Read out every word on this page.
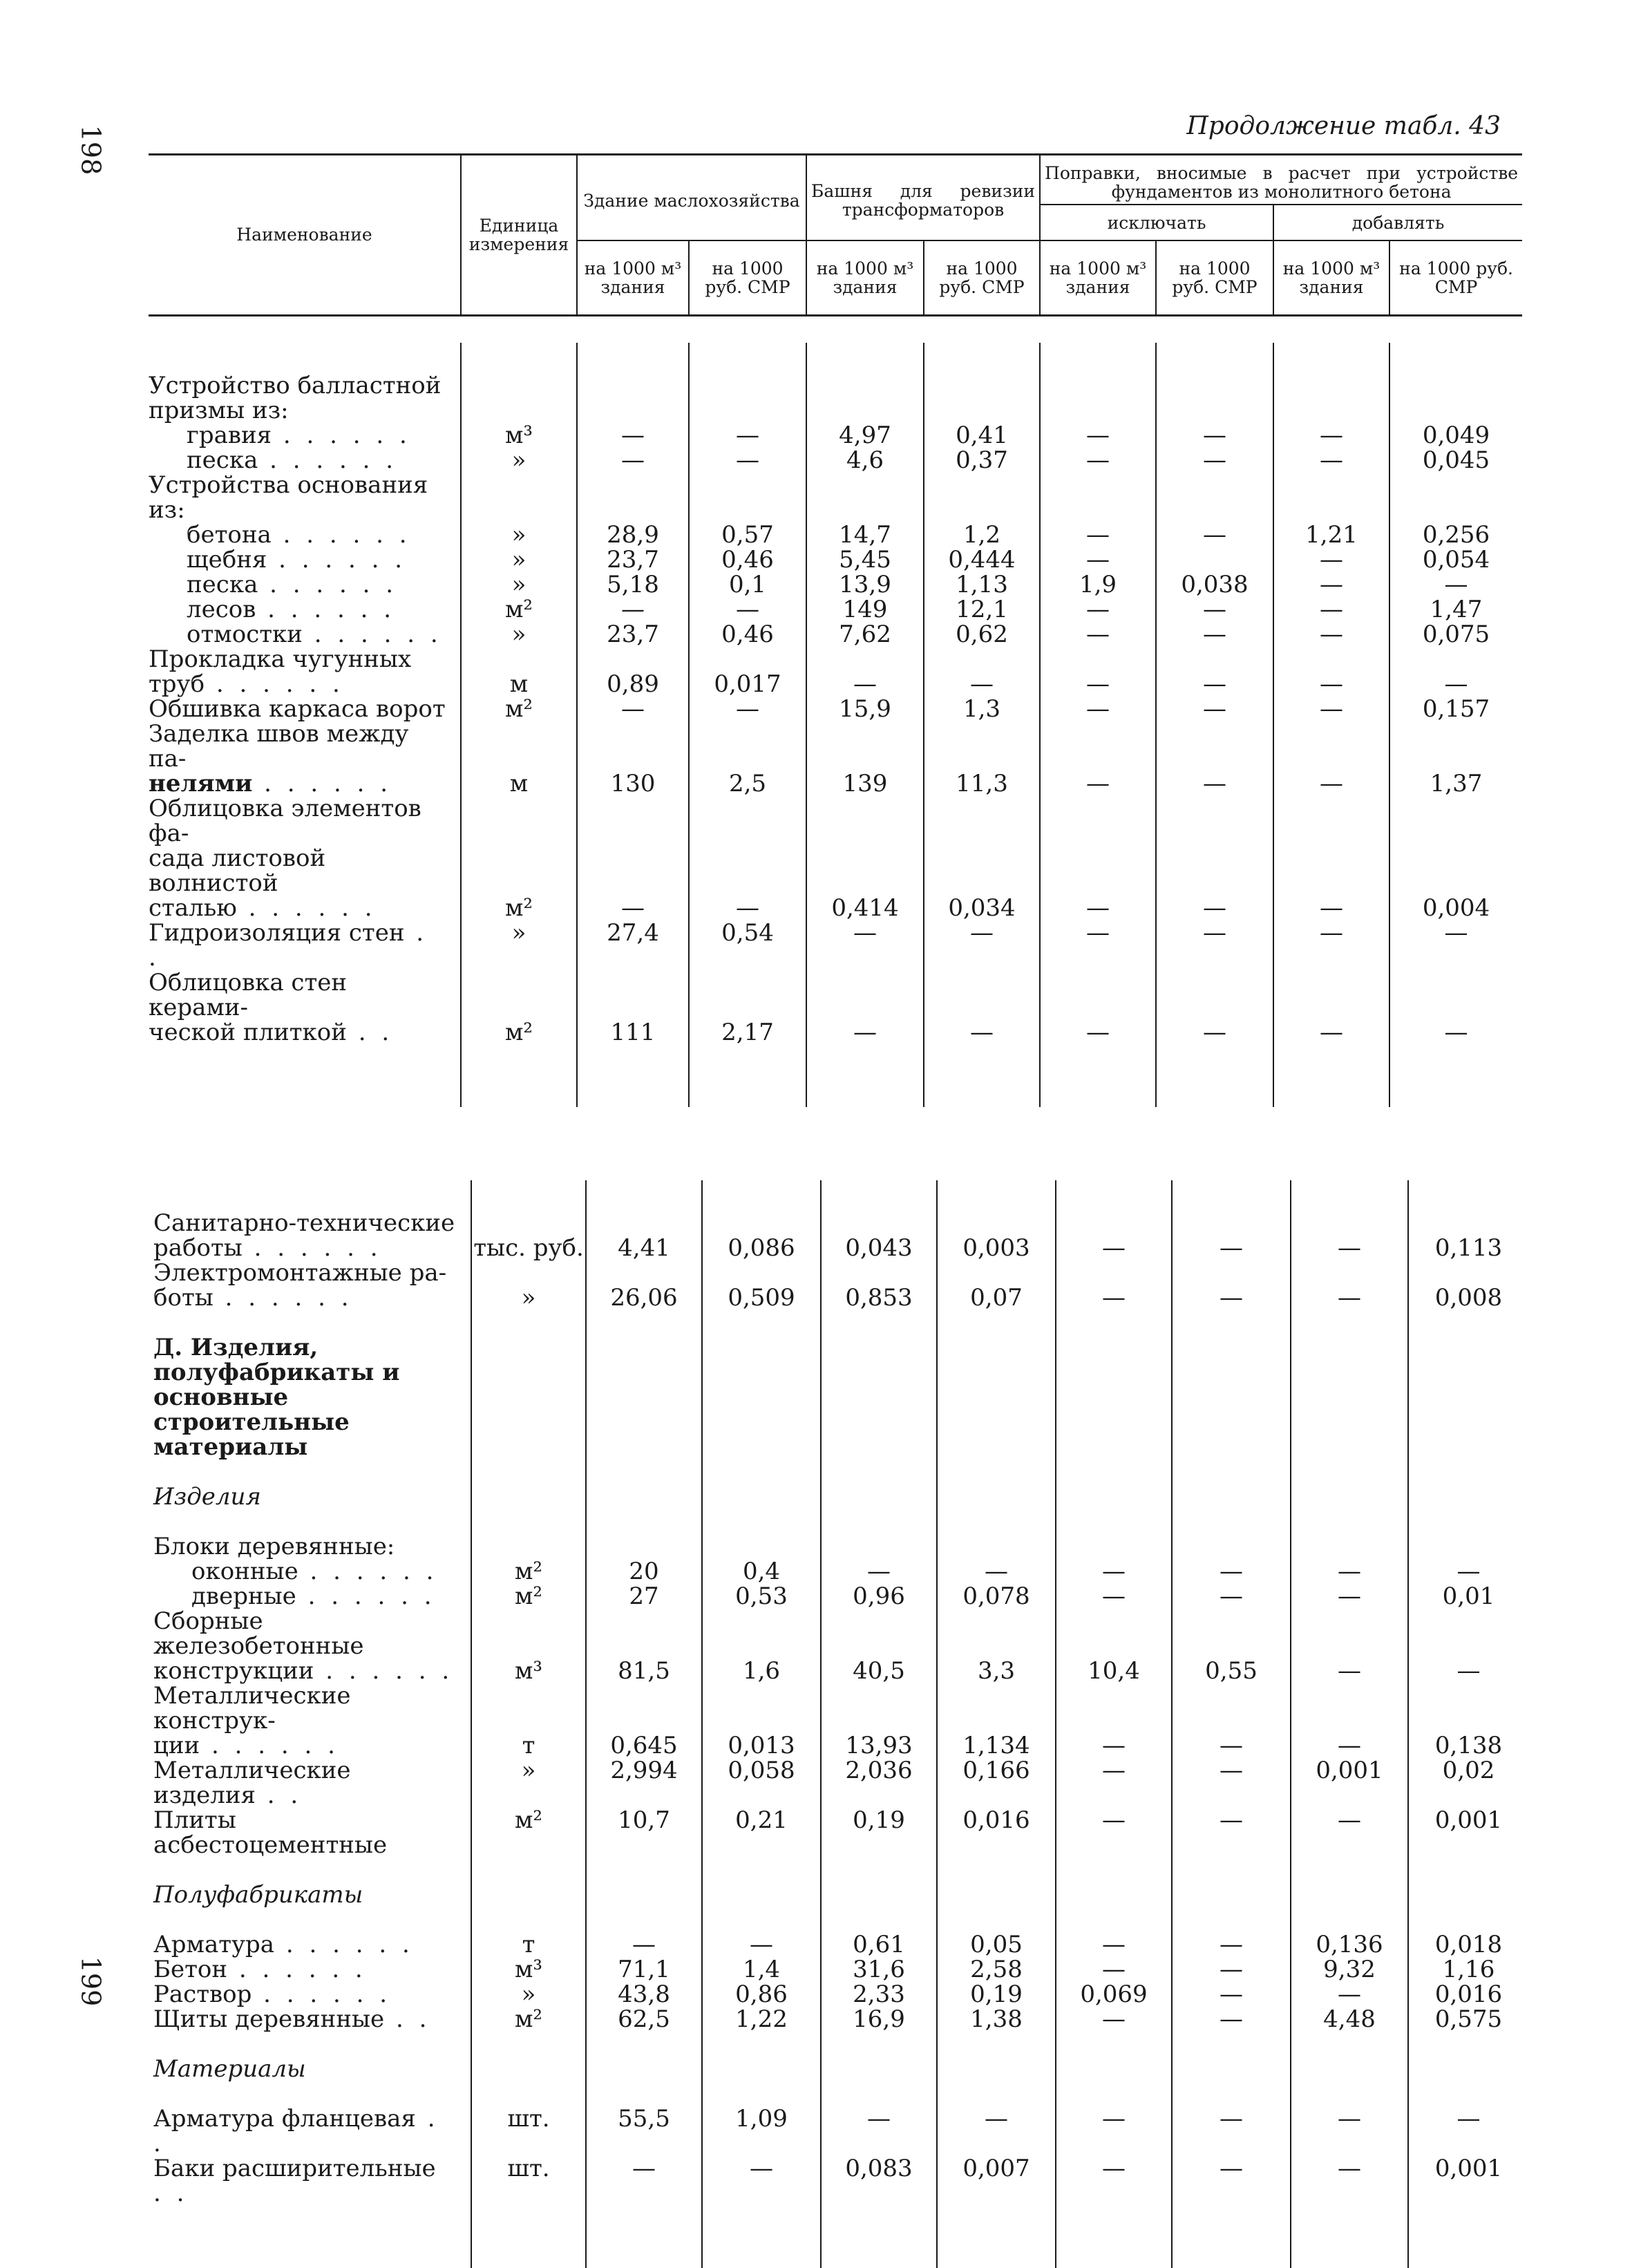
198
199
Продолжение табл. 43
Наименование	Единица измерения	Здание маслохозяйства		Башня для ревизии трансформаторов		Поправки, вносимые в расчет при устройстве фундаментов из монолитного бетона			
						исключать		добавлять	
		на 1000 м³ здания	на 1000 руб. СМР	на 1000 м³ здания	на 1000 руб. СМР	на 1000 м³ здания	на 1000 руб. СМР	на 1000 м³ здания	на 1000 руб. СМР

Устройство балластной призмы из:									
гравия . . . . . .	м³	—	—	4,97	0,41	—	—	—	0,049
песка . . . . . .	»	—	—	4,6	0,37	—	—	—	0,045
Устройства основания из:									
бетона . . . . . .	»	28,9	0,57	14,7	1,2	—	—	1,21	0,256
щебня . . . . . .	»	23,7	0,46	5,45	0,444	—		—	0,054
песка . . . . . .	»	5,18	0,1	13,9	1,13	1,9	0,038	—	—
лесов . . . . . .	м²	—	—	149	12,1	—	—	—	1,47
отмостки . . . . . .	»	23,7	0,46	7,62	0,62	—	—	—	0,075
Прокладка чугунных									
труб . . . . . .	м	0,89	0,017	—	—	—	—	—	—
Обшивка каркаса ворот	м²	—	—	15,9	1,3	—	—	—	0,157
Заделка швов между па-									
нелями . . . . . .	м	130	2,5	139	11,3	—	—	—	1,37
Облицовка элементов фа-									
сада листовой волнистой									
сталью . . . . . .	м²	—	—	0,414	0,034	—	—	—	0,004
Гидроизоляция стен . .	»	27,4	0,54	—	—	—	—	—	—
Облицовка стен керами-									
ческой плиткой . .	м²	111	2,17	—	—	—	—	—	—

Санитарно-технические									
работы . . . . . .	тыс. руб.	4,41	0,086	0,043	0,003	—	—	—	0,113
Электромонтажные ра-									
боты . . . . . .	»	26,06	0,509	0,853	0,07	—	—	—	0,008

Д. Изделия, полуфабрикаты и основные строительные материалы									

Изделия									

Блоки деревянные:									
оконные . . . . . .	м²	20	0,4	—	—	—	—	—	—
дверные . . . . . .	м²	27	0,53	0,96	0,078	—	—	—	0,01
Сборные железобетонные									
конструкции . . . . . .	м³	81,5	1,6	40,5	3,3	10,4	0,55	—	—
Металлические конструк-									
ции . . . . . .	т	0,645	0,013	13,93	1,134	—	—	—	0,138
Металлические изделия . .	»	2,994	0,058	2,036	0,166	—	—	0,001	0,02
Плиты асбестоцементные	м²	10,7	0,21	0,19	0,016	—	—	—	0,001

Полуфабрикаты									

Арматура . . . . . .	т	—	—	0,61	0,05	—	—	0,136	0,018
Бетон . . . . . .	м³	71,1	1,4	31,6	2,58	—	—	9,32	1,16
Раствор . . . . . .	»	43,8	0,86	2,33	0,19	0,069	—	—	0,016
Щиты деревянные . .	м²	62,5	1,22	16,9	1,38	—	—	4,48	0,575

Материалы									

Арматура фланцевая . .	шт.	55,5	1,09	—	—	—	—	—	—
Баки расширительные . .	шт.	—	—	0,083	0,007	—	—	—	0,001
